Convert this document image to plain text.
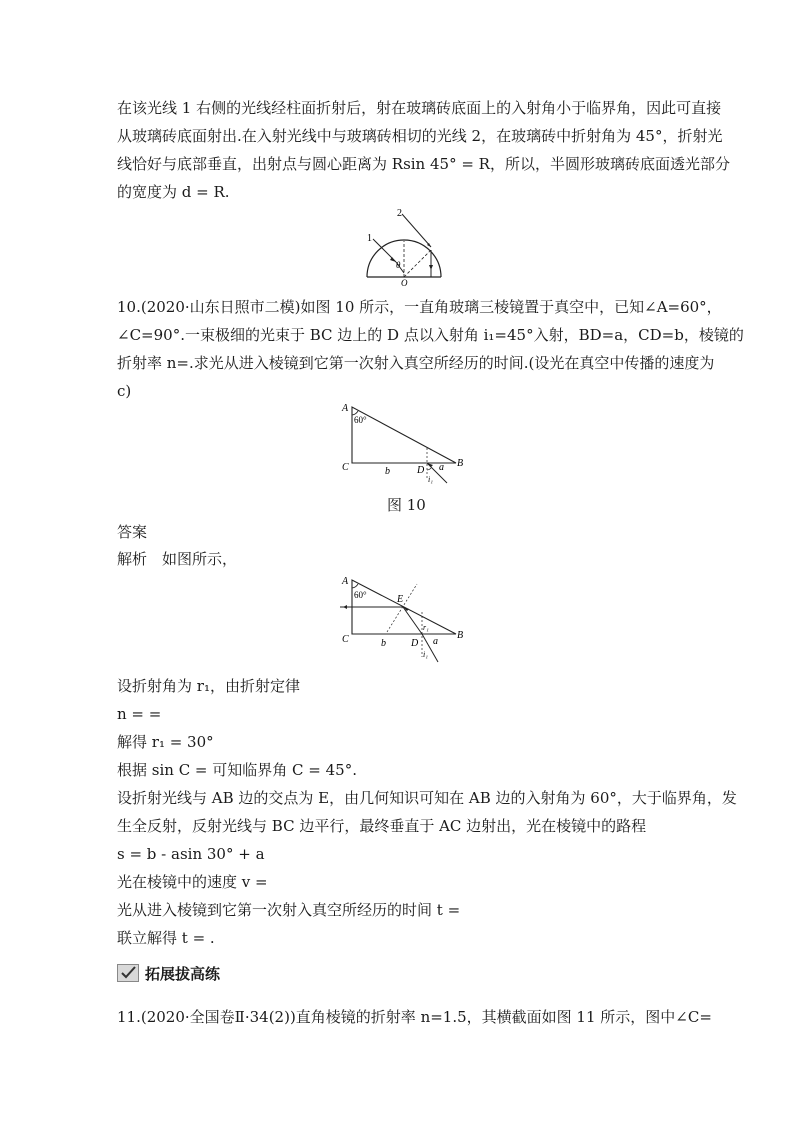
在该光线 1 右侧的光线经柱面折射后，射在玻璃砖底面上的入射角小于临界角，因此可直接
从玻璃砖底面射出.在入射光线中与玻璃砖相切的光线 2，在玻璃砖中折射角为 45°，折射光
线恰好与底部垂直，出射点与圆心距离为 Rsin 45° = R，所以，半圆形玻璃砖底面透光部分
的宽度为 d = R.
1
2
θ
O
10.(2020·山东日照市二模)如图 10 所示，一直角玻璃三棱镜置于真空中，已知∠A=60°，
∠C=90°.一束极细的光束于 BC 边上的 D 点以入射角 i₁=45°入射，BD=a，CD=b，棱镜的
折射率 n=.求光从进入棱镜到它第一次射入真空所经历的时间.(设光在真空中传播的速度为
c)
A
60°
C	b	D a B
i₁
图 10
答案
解析　如图所示，
A
60°	E
C	b	D a
B
r₁
i₁
设折射角为 r₁，由折射定律
n = =
解得 r₁ = 30°
根据 sin C = 可知临界角 C = 45°.
设折射光线与 AB 边的交点为 E，由几何知识可知在 AB 边的入射角为 60°，大于临界角，发
生全反射，反射光线与 BC 边平行，最终垂直于 AC 边射出，光在棱镜中的路程
s = b - asin 30° + a
光在棱镜中的速度 v =
光从进入棱镜到它第一次射入真空所经历的时间 t =
联立解得 t = .
拓展拔高练
11.(2020·全国卷Ⅱ·34(2))直角棱镜的折射率 n=1.5，其横截面如图 11 所示，图中∠C=
